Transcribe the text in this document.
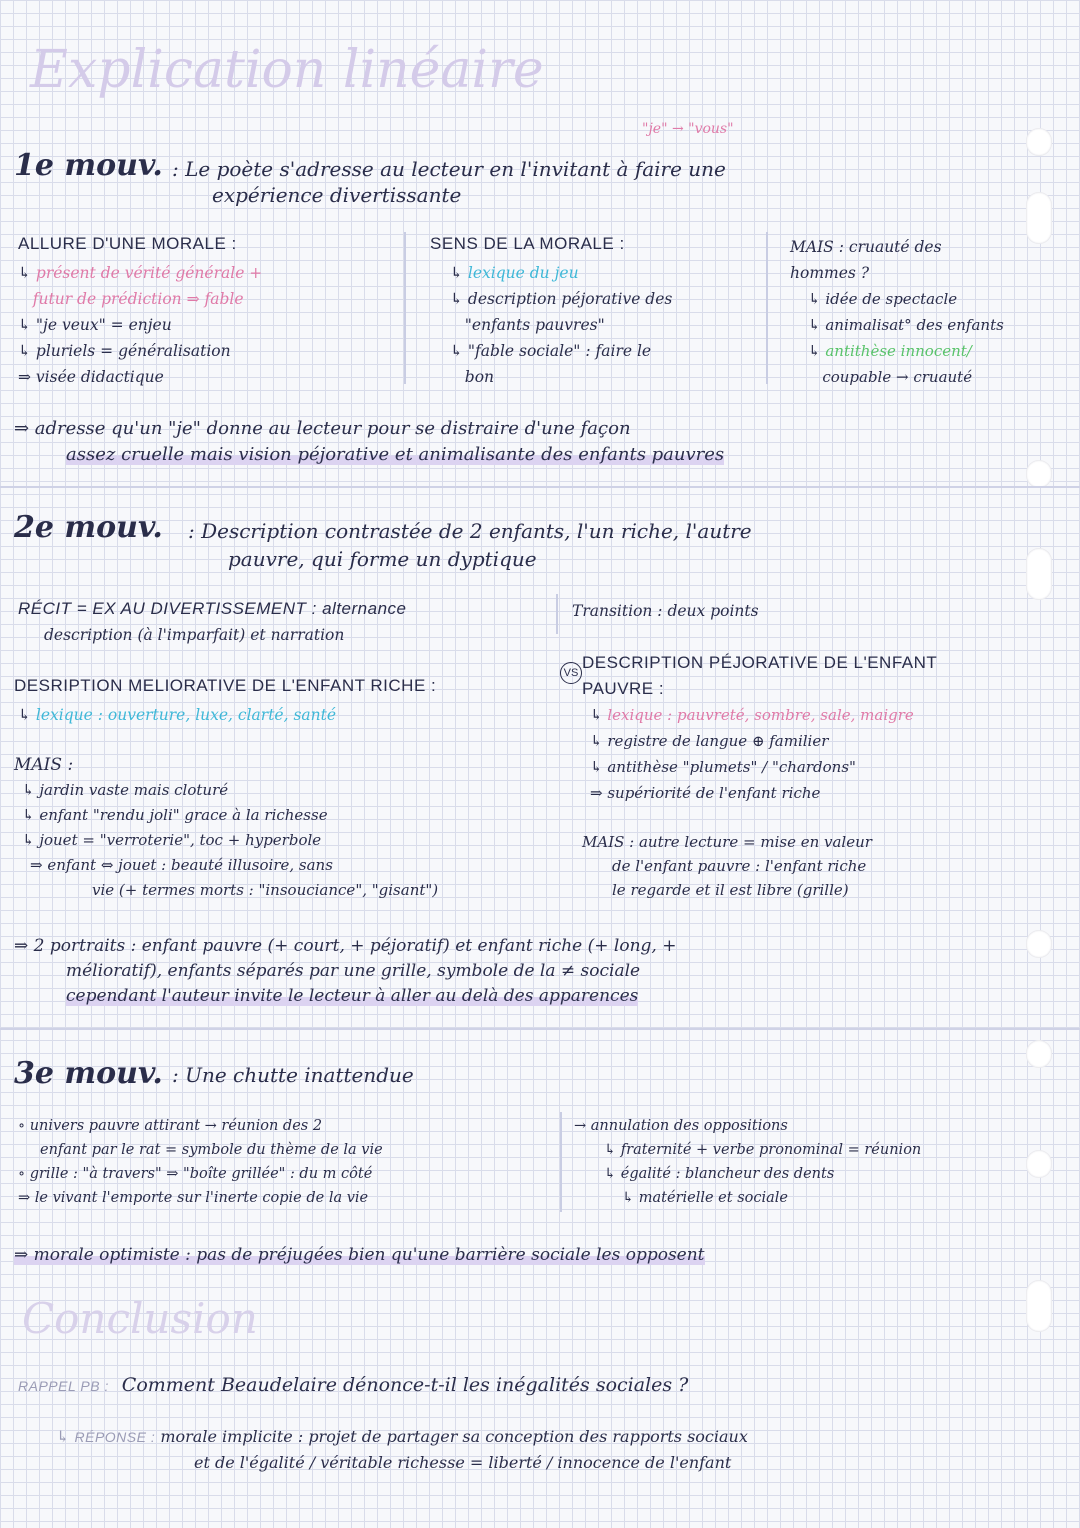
Explication linéaire
"je" → "vous"
1e mouv. : Le poète s'adresse au lecteur en l'invitant à faire une
expérience divertissante
ALLURE D'UNE MORALE :
↳ présent de vérité générale +
futur de prédiction ⇒ fable
↳ "je veux" = enjeu
↳ pluriels = généralisation
⇒ visée didactique
SENS DE LA MORALE :
↳ lexique du jeu
↳ description péjorative des
"enfants pauvres"
↳ "fable sociale" : faire le
bon
MAIS : cruauté des
hommes ?
↳ idée de spectacle
↳ animalisat° des enfants
↳ antithèse innocent/
coupable → cruauté
⇒ adresse qu'un "je" donne au lecteur pour se distraire d'une façon
assez cruelle mais vision péjorative et animalisante des enfants pauvres
2e mouv. : Description contrastée de 2 enfants, l'un riche, l'autre
pauvre, qui forme un dyptique
RÉCIT = EX AU DIVERTISSEMENT : alternance
description (à l'imparfait) et narration
Transition : deux points
DESRIPTION MELIORATIVE DE L'ENFANT RICHE :
↳ lexique : ouverture, luxe, clarté, santé
MAIS :
↳ jardin vaste mais cloturé
↳ enfant "rendu joli" grace à la richesse
↳ jouet = "verroterie", toc + hyperbole
⇒ enfant ⇔ jouet : beauté illusoire, sans
vie (+ termes morts : "insouciance", "gisant")
VS
DESCRIPTION PÉJORATIVE DE L'ENFANT
PAUVRE :
↳ lexique : pauvreté, sombre, sale, maigre
↳ registre de langue ⊕ familier
↳ antithèse "plumets" / "chardons"
⇒ supériorité de l'enfant riche
MAIS : autre lecture = mise en valeur
de l'enfant pauvre : l'enfant riche
le regarde et il est libre (grille)
⇒ 2 portraits : enfant pauvre (+ court, + péjoratif) et enfant riche (+ long, +
mélioratif), enfants séparés par une grille, symbole de la ≠ sociale
cependant l'auteur invite le lecteur à aller au delà des apparences
3e mouv. : Une chutte inattendue
∘ univers pauvre attirant → réunion des 2
enfant par le rat = symbole du thème de la vie
∘ grille : "à travers" ⇒ "boîte grillée" : du m côté
⇒ le vivant l'emporte sur l'inerte copie de la vie
→ annulation des oppositions
↳ fraternité + verbe pronominal = réunion
↳ égalité : blancheur des dents
↳ matérielle et sociale
⇒ morale optimiste : pas de préjugées bien qu'une barrière sociale les opposent
Conclusion
RAPPEL PB : Comment Beaudelaire dénonce-t-il les inégalités sociales ?
↳ RÉPONSE : morale implicite : projet de partager sa conception des rapports sociaux
et de l'égalité / véritable richesse = liberté / innocence de l'enfant
